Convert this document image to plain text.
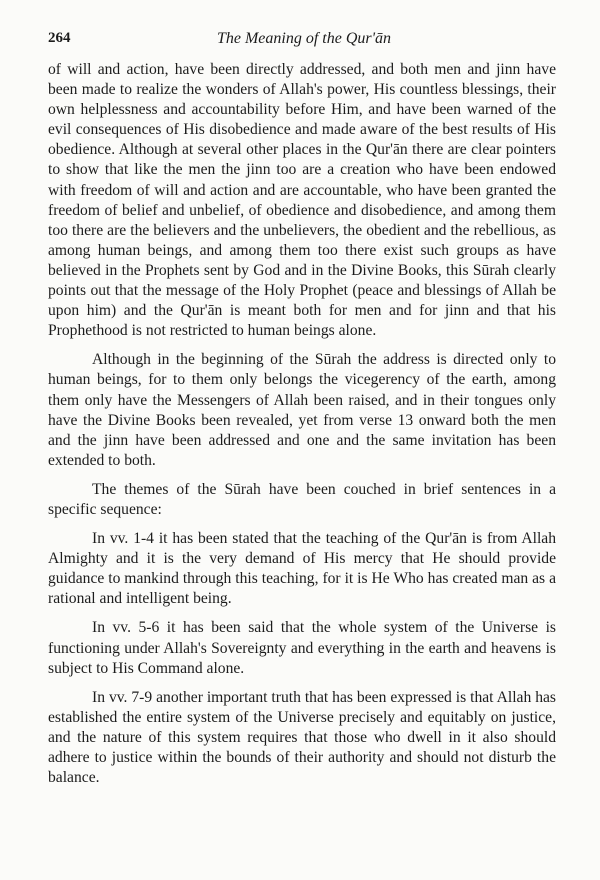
264	The Meaning of the Qur'ān

of will and action, have been directly addressed, and both men and jinn have been made to realize the wonders of Allah's power, His countless blessings, their own helplessness and accountability before Him, and have been warned of the evil consequences of His disobedience and made aware of the best results of His obedience. Although at several other places in the Qur'ān there are clear pointers to show that like the men the jinn too are a creation who have been endowed with freedom of will and action and are accountable, who have been granted the freedom of belief and unbelief, of obedience and disobedience, and among them too there are the believers and the unbelievers, the obedient and the rebellious, as among human beings, and among them too there exist such groups as have believed in the Prophets sent by God and in the Divine Books, this Sūrah clearly points out that the message of the Holy Prophet (peace and blessings of Allah be upon him) and the Qur'ān is meant both for men and for jinn and that his Prophethood is not restricted to human beings alone.

Although in the beginning of the Sūrah the address is directed only to human beings, for to them only belongs the vicegerency of the earth, among them only have the Messengers of Allah been raised, and in their tongues only have the Divine Books been revealed, yet from verse 13 onward both the men and the jinn have been addressed and one and the same invitation has been extended to both.

The themes of the Sūrah have been couched in brief sentences in a specific sequence:

In vv. 1-4 it has been stated that the teaching of the Qur'ān is from Allah Almighty and it is the very demand of His mercy that He should provide guidance to mankind through this teaching, for it is He Who has created man as a rational and intelligent being.

In vv. 5-6 it has been said that the whole system of the Universe is functioning under Allah's Sovereignty and everything in the earth and heavens is subject to His Command alone.

In vv. 7-9 another important truth that has been expressed is that Allah has established the entire system of the Universe precisely and equitably on justice, and the nature of this system requires that those who dwell in it also should adhere to justice within the bounds of their authority and should not disturb the balance.
